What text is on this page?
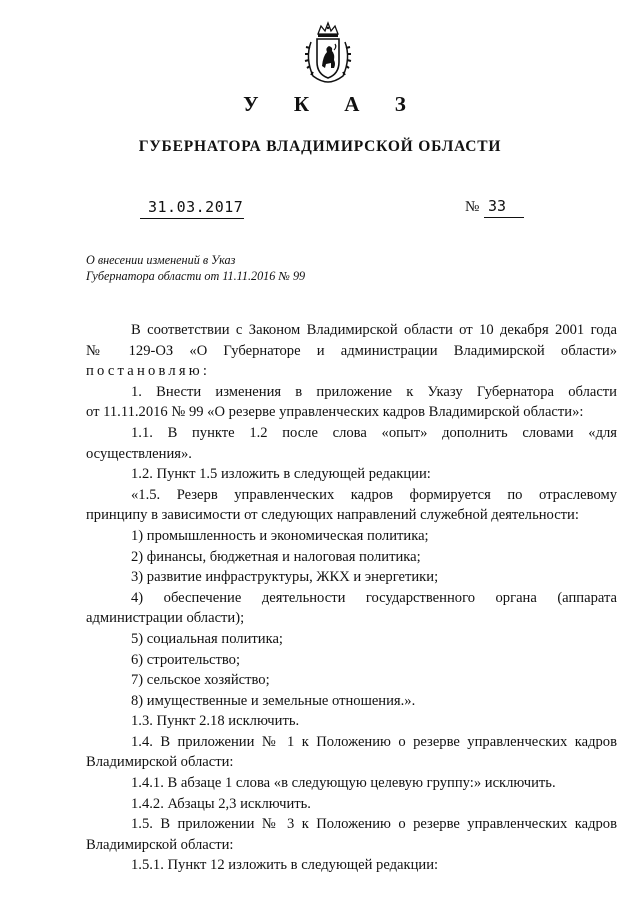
У К А З
ГУБЕРНАТОРА ВЛАДИМИРСКОЙ ОБЛАСТИ
31.03.2017	№ 33
О внесении изменений в Указ
Губернатора области от 11.11.2016 № 99

В соответствии с Законом Владимирской области от 10 декабря 2001 года
№ 129-ОЗ «О Губернаторе и администрации Владимирской области»
постановляю:

1. Внести изменения в приложение к Указу Губернатора области
от 11.11.2016 № 99 «О резерве управленческих кадров Владимирской области»:

1.1. В пункте 1.2 после слова «опыт» дополнить словами «для
осуществления».

1.2. Пункт 1.5 изложить в следующей редакции:

«1.5. Резерв управленческих кадров формируется по отраслевому
принципу в зависимости от следующих направлений служебной деятельности:

1) промышленность и экономическая политика;

2) финансы, бюджетная и налоговая политика;

3) развитие инфраструктуры, ЖКХ и энергетики;

4) обеспечение деятельности государственного органа (аппарата
администрации области);

5) социальная политика;

6) строительство;

7) сельское хозяйство;

8) имущественные и земельные отношения.».

1.3. Пункт 2.18 исключить.

1.4. В приложении № 1 к Положению о резерве управленческих кадров
Владимирской области:

1.4.1. В абзаце 1 слова «в следующую целевую группу:» исключить.

1.4.2. Абзацы 2,3 исключить.

1.5. В приложении № 3 к Положению о резерве управленческих кадров
Владимирской области:

1.5.1. Пункт 12 изложить в следующей редакции:
